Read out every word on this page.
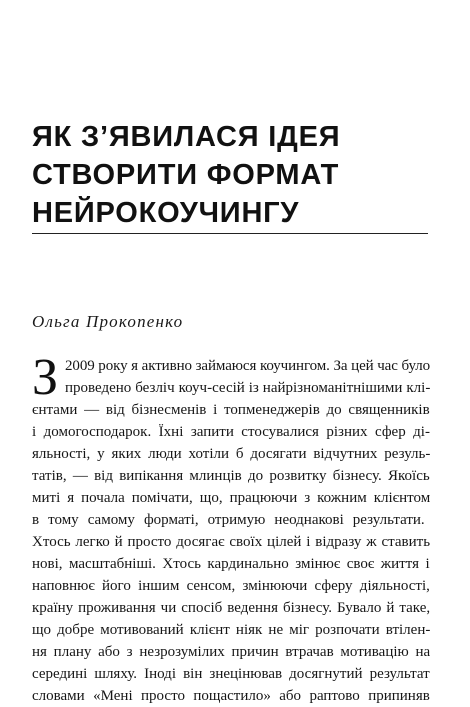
ЯК З’ЯВИЛАСЯ ІДЕЯ
СТВОРИТИ ФОРМАТ
НЕЙРОКОУЧИНГУ
Ольга Прокопенко
З 2009 року я активно займаюся коучингом. За цей час було
проведено безліч коуч-сесій із найрізноманітнішими клі-
єнтами — від бізнесменів і топменеджерів до священників
і домогосподарок. Їхні запити стосувалися різних сфер ді-
яльності, у яких люди хотіли б досягати відчутних резуль-
татів, — від випікання млинців до розвитку бізнесу. Якоїсь
миті я почала помічати, що, працюючи з кожним клієнтом
в тому самому форматі, отримую неоднакові результати.
Хтось легко й просто досягає своїх цілей і відразу ж ставить
нові, масштабніші. Хтось кардинально змінює своє життя і
наповнює його іншим сенсом, змінюючи сферу діяльності,
країну проживання чи спосіб ведення бізнесу. Бувало й таке,
що добре мотивований клієнт ніяк не міг розпочати втілен-
ня плану або з незрозумілих причин втрачав мотивацію на
середині шляху. Іноді він знецінював досягнутий результат
словами «Мені просто пощастило» або раптово припиняв
